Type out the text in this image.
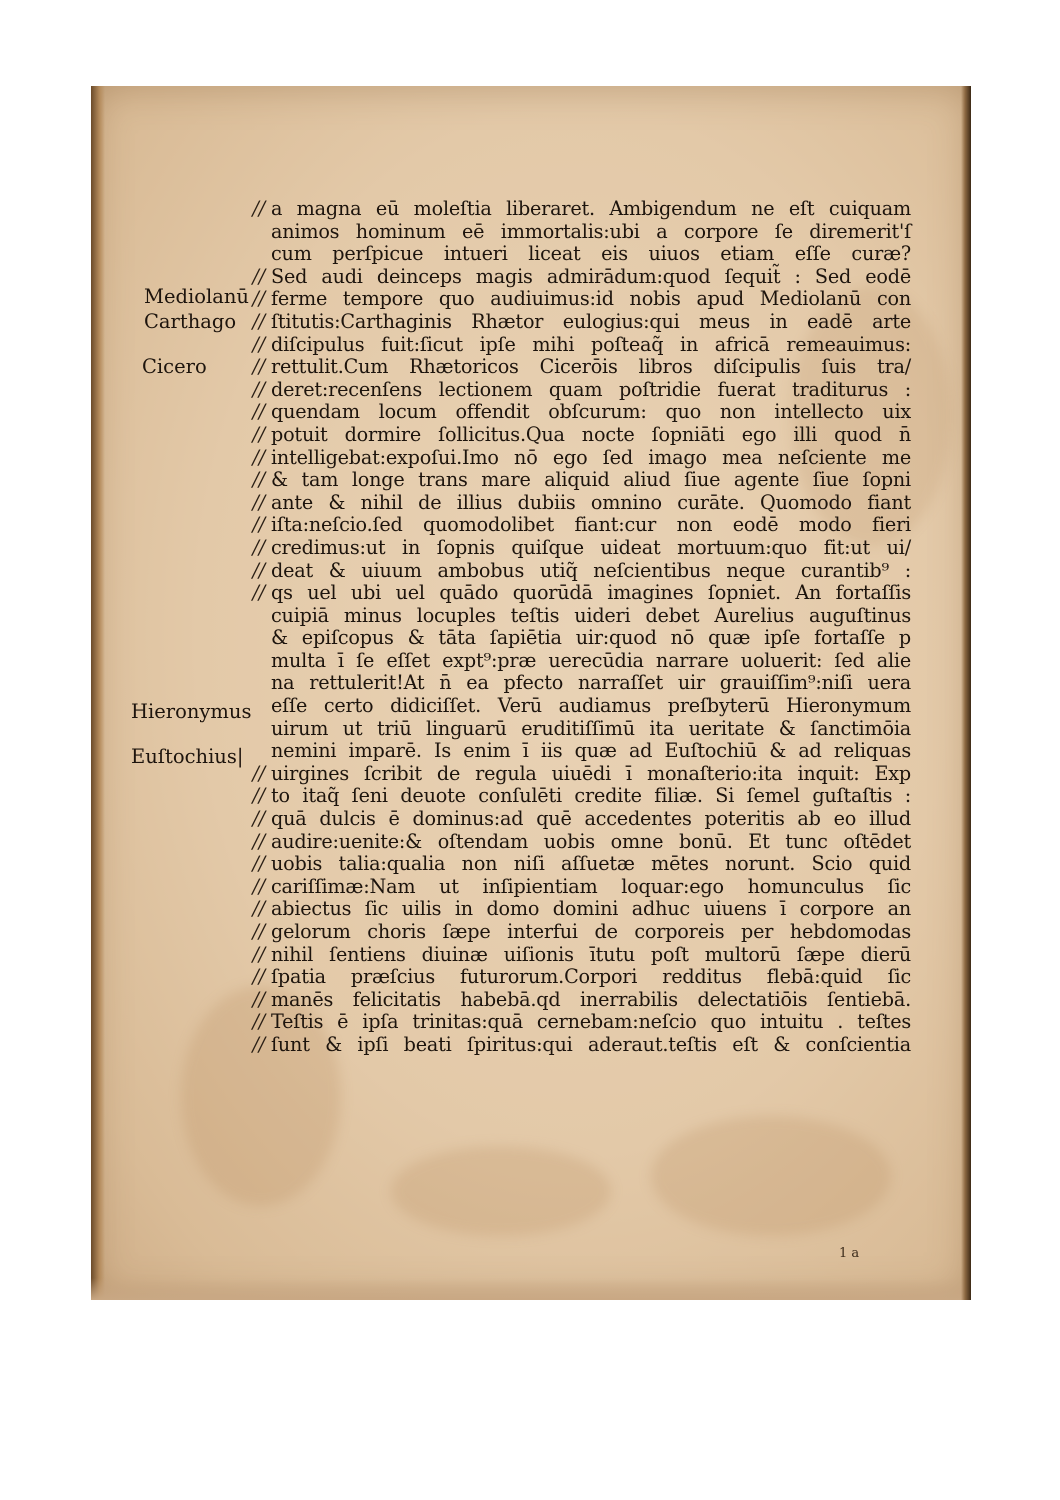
Mediolanū
Carthago
Cicero
Hieronymus
Euſtochius|
// a magna eū moleſtia liberaret. Ambigendum ne eſt cuiquam
animos hominum eē immortalis:ubi a corpore ſe diremerit'ſ
cum perſpicue intueri liceat eis uiuos etiam eſſe curæ?
// Sed audi deinceps magis admirādum:quod ſequit̃ : Sed eodē
// ferme tempore quo audiuimus:id nobis apud Mediolanū con
// ſtitutis:Carthaginis Rhætor eulogius:qui meus in eadē arte
// diſcipulus fuit:ſicut ipſe mihi poſteaq̃ in africā remeauimus:
// rettulit.Cum Rhætoricos Cicerōis libros diſcipulis ſuis tra/
// deret:recenſens lectionem quam poſtridie fuerat traditurus :
// quendam locum offendit obſcurum: quo non intellecto uix
// potuit dormire ſollicitus.Qua nocte ſopniāti ego illi quod n̄
// intelligebat:expoſui.Imo nō ego ſed imago mea neſciente me
// & tam longe trans mare aliquid aliud ſiue agente ſiue ſopni
// ante & nihil de illius dubiis omnino curāte. Quomodo fiant
// iſta:neſcio.ſed quomodolibet fiant:cur non eodē modo fieri
// credimus:ut in ſopnis quiſque uideat mortuum:quo fit:ut ui/
// deat & uiuum ambobus utiq̃ neſcientibus neque curantib⁹ :
// qs uel ubi uel quādo quorūdā imagines ſopniet. An fortaſſis
cuipiā minus locuples teſtis uideri debet Aurelius auguſtinus
& epiſcopus & tāta ſapiētia uir:quod nō quæ ipſe fortaſſe p
multa ī ſe eſſet expt⁹:præ uerecūdia narrare uoluerit: ſed alie
na rettulerit!At n̄ ea pfecto narraſſet uir grauiſſim⁹:niſi uera
eſſe certo didiciſſet. Verū audiamus preſbyterū Hieronymum
uirum ut triū linguarū eruditiſſimū ita ueritate & ſanctimōia
nemini imparē. Is enim ī iis quæ ad Euſtochiū & ad reliquas
// uirgines ſcribit de regula uiuēdi ī monaſterio:ita inquit: Exp
// to itaq̃ ſeni deuote conſulēti credite filiæ. Si ſemel guſtaſtis :
// quā dulcis ē dominus:ad quē accedentes poteritis ab eo illud
// audire:uenite:& oſtendam uobis omne bonū. Et tunc oſtēdet
// uobis talia:qualia non niſi aſſuetæ mētes norunt. Scio quid
// cariſſimæ:Nam ut inſipientiam loquar:ego homunculus ſic
// abiectus ſic uilis in domo domini adhuc uiuens ī corpore an
// gelorum choris ſæpe interfui de corporeis per hebdomodas
// nihil ſentiens diuinæ uiſionis ītutu poſt multorū ſæpe dierū
// ſpatia præſcius futurorum.Corpori redditus flebā:quid ſic
// manēs felicitatis habebā.qd inerrabilis delectatiōis ſentiebā.
// Teſtis ē ipſa trinitas:quā cernebam:neſcio quo intuitu . teſtes
// ſunt & ipſi beati ſpiritus:qui aderaut.teſtis eſt & conſcientia
1 a
